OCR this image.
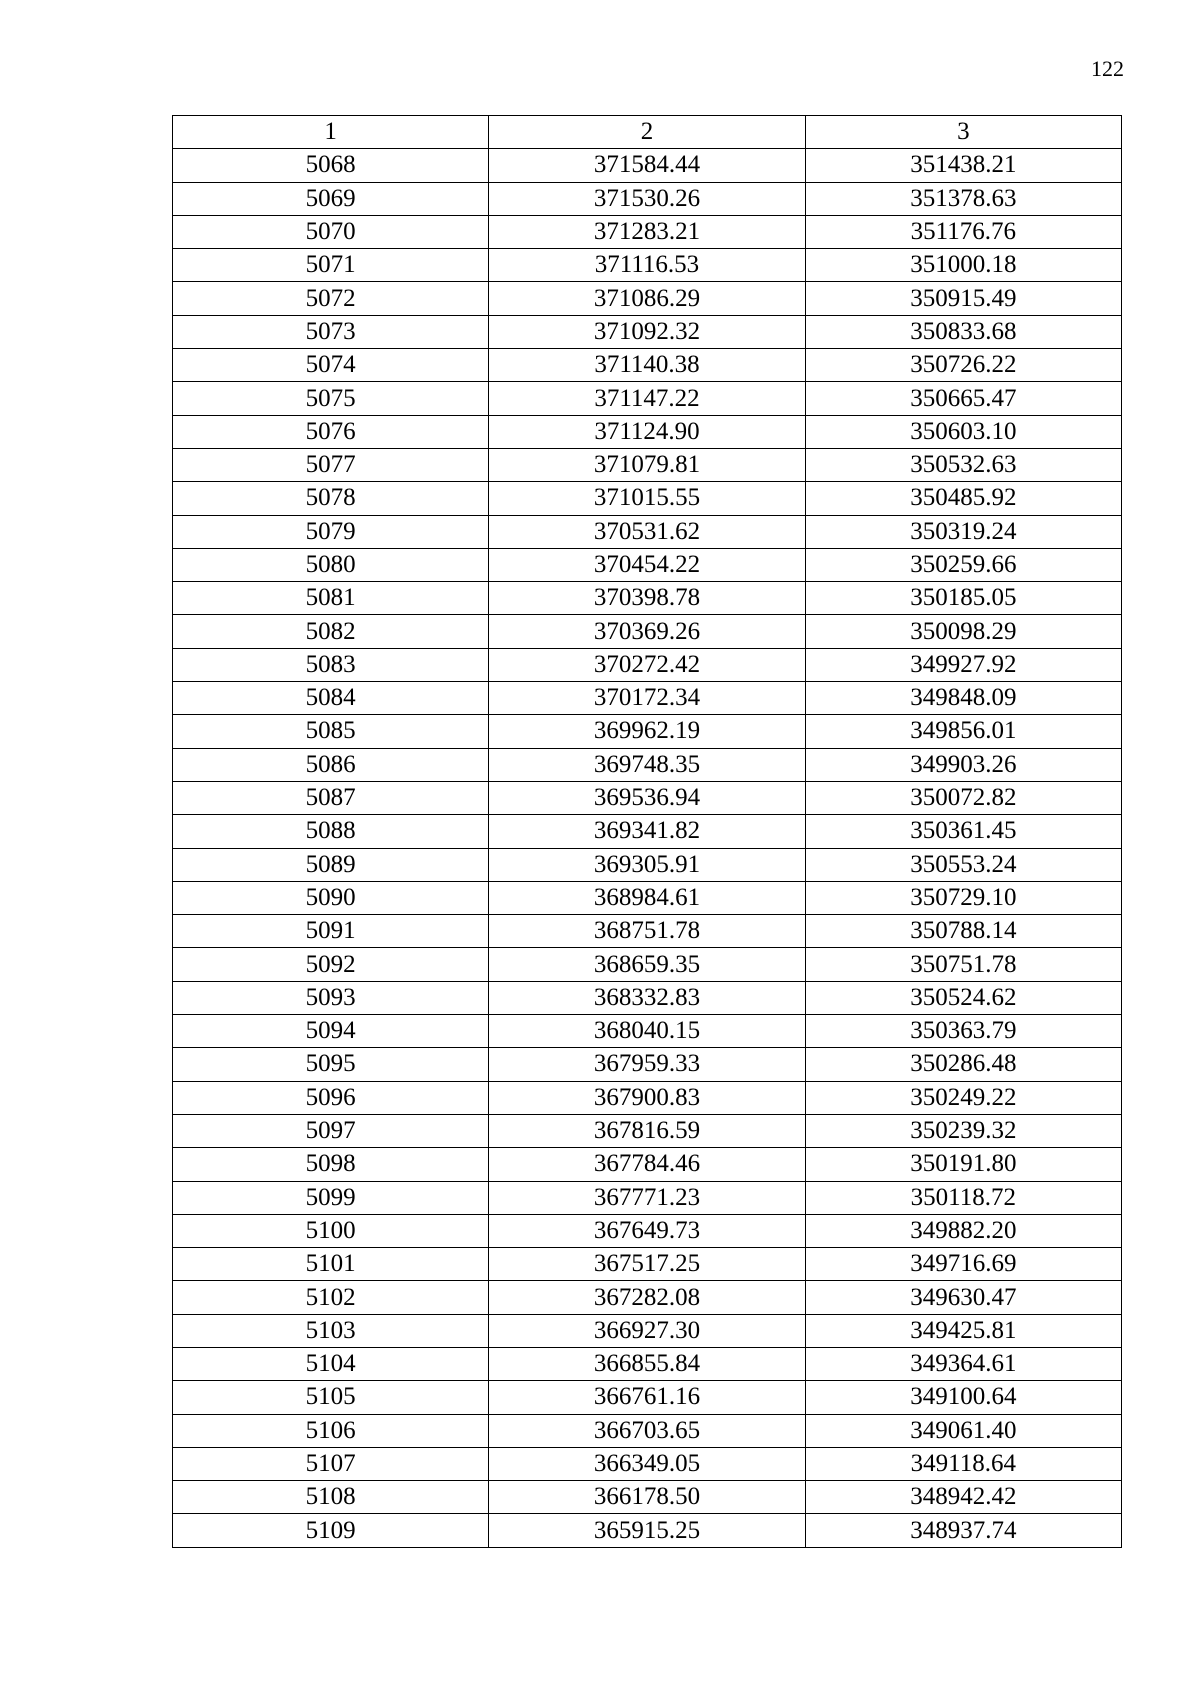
122
1	2	3
5068	371584.44	351438.21
5069	371530.26	351378.63
5070	371283.21	351176.76
5071	371116.53	351000.18
5072	371086.29	350915.49
5073	371092.32	350833.68
5074	371140.38	350726.22
5075	371147.22	350665.47
5076	371124.90	350603.10
5077	371079.81	350532.63
5078	371015.55	350485.92
5079	370531.62	350319.24
5080	370454.22	350259.66
5081	370398.78	350185.05
5082	370369.26	350098.29
5083	370272.42	349927.92
5084	370172.34	349848.09
5085	369962.19	349856.01
5086	369748.35	349903.26
5087	369536.94	350072.82
5088	369341.82	350361.45
5089	369305.91	350553.24
5090	368984.61	350729.10
5091	368751.78	350788.14
5092	368659.35	350751.78
5093	368332.83	350524.62
5094	368040.15	350363.79
5095	367959.33	350286.48
5096	367900.83	350249.22
5097	367816.59	350239.32
5098	367784.46	350191.80
5099	367771.23	350118.72
5100	367649.73	349882.20
5101	367517.25	349716.69
5102	367282.08	349630.47
5103	366927.30	349425.81
5104	366855.84	349364.61
5105	366761.16	349100.64
5106	366703.65	349061.40
5107	366349.05	349118.64
5108	366178.50	348942.42
5109	365915.25	348937.74
